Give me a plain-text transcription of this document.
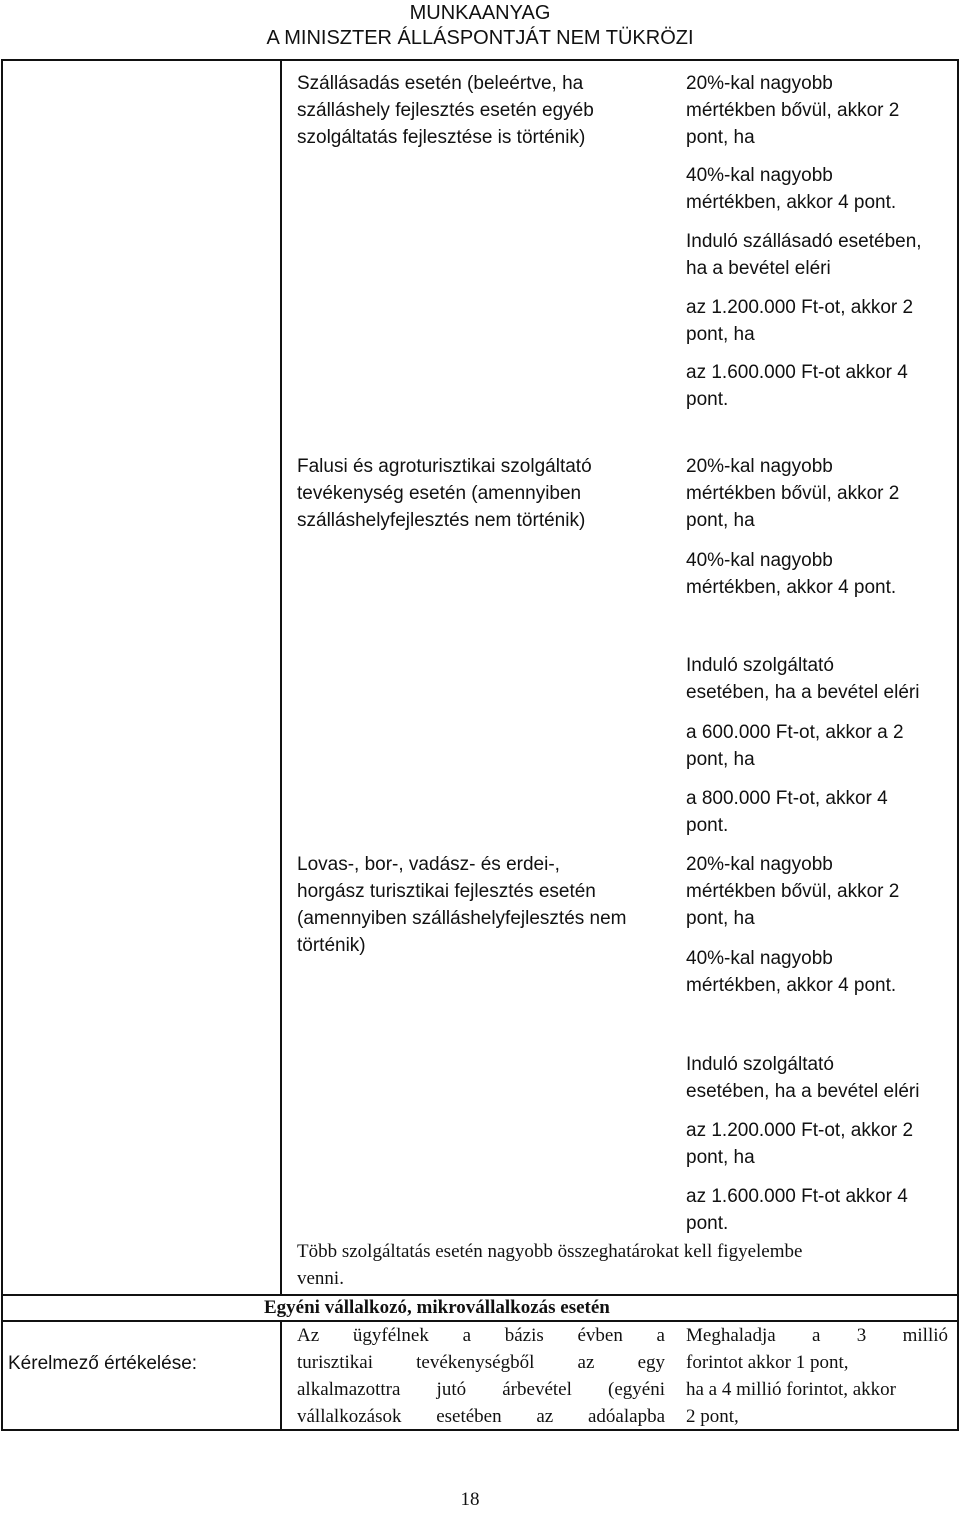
MUNKAANYAG
A MINISZTER ÁLLÁSPONTJÁT NEM TÜKRÖZI
Szállásadás esetén (beleértve, ha
szálláshely fejlesztés esetén egyéb
szolgáltatás fejlesztése is történik)
20%-kal nagyobb
mértékben bővül, akkor 2
pont, ha
40%-kal nagyobb
mértékben, akkor 4 pont.
Induló szállásadó esetében,
ha a bevétel eléri
az 1.200.000 Ft-ot, akkor 2
pont, ha
az 1.600.000 Ft-ot akkor 4
pont.
Falusi és agroturisztikai szolgáltató
tevékenység esetén (amennyiben
szálláshelyfejlesztés nem történik)
20%-kal nagyobb
mértékben bővül, akkor 2
pont, ha
40%-kal nagyobb
mértékben, akkor 4 pont.
Induló szolgáltató
esetében, ha a bevétel eléri
a 600.000 Ft-ot, akkor a 2
pont, ha
a 800.000 Ft-ot, akkor 4
pont.
Lovas-, bor-, vadász- és erdei-,
horgász turisztikai fejlesztés esetén
(amennyiben szálláshelyfejlesztés nem
történik)
20%-kal nagyobb
mértékben bővül, akkor 2
pont, ha
40%-kal nagyobb
mértékben, akkor 4 pont.
Induló szolgáltató
esetében, ha a bevétel eléri
az 1.200.000 Ft-ot, akkor 2
pont, ha
az 1.600.000 Ft-ot akkor 4
pont.
Több szolgáltatás esetén nagyobb összeghatárokat kell figyelembe
venni.
Egyéni vállalkozó, mikrovállalkozás esetén
Kérelmező értékelése:
Az ügyfélnek a bázis évben a
turisztikai tevékenységből az egy
alkalmazottra jutó árbevétel (egyéni
vállalkozások esetében az adóalapba
Meghaladja a 3 millió
forintot akkor 1 pont,
ha a 4 millió forintot, akkor
2 pont,
18
